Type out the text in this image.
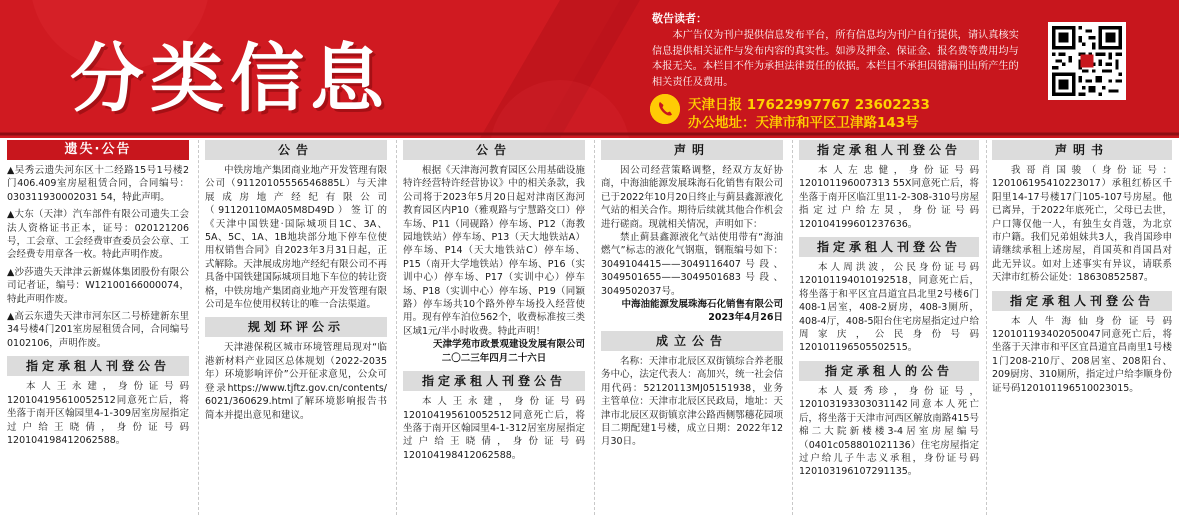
分类信息
敬告读者：
本广告仅为刊户提供信息发布平台，所有信息均为刊户自行提供，请认真核实信息提供相关证件与发布内容的真实性。如涉及押金、保证金、报名费等费用均与本报无关。本栏目不作为承担法律责任的依据。本栏目不承担因错漏刊出所产生的相关责任及费用。
天津日报 17622997767 23602233
办公地址：天津市和平区卫津路143号
遗失·公告
▲吴秀云遗失河东区十二经路15号1号楼2门406.409室房屋租赁合同，合同编号：030311930002031 54，特此声明。
▲大东（天津）汽车部件有限公司遗失工会法人资格证书正本，证号：020121206号，工会章、工会经费审查委员会公章、工会经费专用章各一枚。特此声明作废。
▲沙莎遗失天津津云新媒体集团股份有限公司记者证，编号：W12100166000074，特此声明作废。
▲高云东遗失天津市河东区二号桥建新东里34号楼4门201室房屋租赁合同，合同编号0102106，声明作废。
指定承租人刊登公告
本人王永建，身份证号码120104195610052512同意死亡后，将坐落于南开区翰园里4-1-309居室房屋指定过户给王晓倩，身份证号码120104198412062588。
公告
中铁房地产集团商业地产开发管理有限公司（91120105556546885L）与天津展成房地产经纪有限公司（91120110MA05M8D49D）签订的《天津中国铁建·国际城项目1C、3A、5A、5C、1A、1B地块部分地下停车位使用权销售合同》自2023年3月31日起，正式解除。天津展成房地产经纪有限公司不再具备中国铁建国际城项目地下车位的转让资格，中铁房地产集团商业地产开发管理有限公司是车位使用权转让的唯一合法渠道。
规划环评公示
天津港保税区城市环境管理局现对“临港新材料产业园区总体规划（2022-2035年）环境影响评价”公开征求意见，公众可登录https://www.tjftz.gov.cn/contents/6021/360629.html了解环境影响报告书简本并提出意见和建议。
公告
根据《天津海河教育园区公用基础设施特许经营特许经营协议》中的相关条款，我公司将于2023年5月20日起对津南区海河教育园区内P10（雅观路与宁慧路交口）停车场、P11（同砚路）停车场、P12（海教园地铁站）停车场、P13（天大地铁站A）停车场、P14（天大地铁站C）停车场、P15（南开大学地铁站）停车场、P16（实训中心）停车场、P17（实训中心）停车场、P18（实训中心）停车场、P19（同颖路）停车场共10个路外停车场投入经营使用。现有停车泊位562个，收费标准按三类区域1元/半小时收费。特此声明！
天津学苑市政景观建设发展有限公司
二〇二三年四月二十六日
指定承租人刊登公告
本人王永建，身份证号码120104195610052512同意死亡后，将坐落于南开区翰园里4-1-312居室房屋指定过户给王晓倩，身份证号码120104198412062588。
声明
因公司经营策略调整，经双方友好协商，中海油能源发展珠海石化销售有限公司已于2022年10月20日终止与蓟县鑫源液化气站的相关合作。期待后续就其他合作机会进行磋商。现就相关情况，声明如下：
禁止蓟县鑫源液化气站使用带有“海油燃气”标志的液化气钢瓶，钢瓶编号如下：3049104415——3049116407号段、3049501655——3049501683号段、3049502037号。
中海油能源发展珠海石化销售有限公司
2023年4月26日
成立公告
名称：天津市北辰区双街镇综合养老服务中心，法定代表人：高加兴，统一社会信用代码：52120113MJ05151938，业务主管单位：天津市北辰区民政局，地址：天津市北辰区双街镇京津公路西侧鄂穗花园项目二期配建1号楼，成立日期：2022年12月30日。
指定承租人刊登公告
本人左忠健，身份证号码120101196007313 55X同意死亡后，将坐落于南开区临江里11-2-308-310号房屋指定过户给左炅，身份证号码120104199601237636。
指定承租人刊登公告
本人周洪波，公民身份证号码120101194010192518，同意死亡后，将坐落于和平区宜昌道宜昌北里2号楼6门408-1居室，408-2厨房，408-3厕所，408-4厅，408-5阳台住宅房屋指定过户给周家庆，公民身份号码120101196505502515。
指定承租人的公告
本人聂秀珍，身份证号，120103193303031142同意本人死亡后，将坐落于天津市河西区解放南路415号棉二大院新楼楼3-4居室房屋编号（0401c058801021136）住宅房屋指定过户给儿子牛志义承租，身份证号码120103196107291135。
声明书
我哥肖国骏（身份证号：120106195410223017）承租红桥区千阳里14-17号楼17门105-107号房屋。他已离异，于2022年底死亡，父母已去世，户口簿仅他一人，有独生女肖蔻，为北京市户籍。我们兄弟姐妹共3人，我肖国珍申请继续承租上述房屋，肖国英和肖国昌对此无异议。如对上述事实有异议，请联系天津市红桥公证处：18630852587。
指定承租人刊登公告
本人牛海仙身份证号码120101193402050047同意死亡后，将坐落于天津市和平区宜昌道宜昌南里1号楼1门208-210厅、208居室、208阳台、209厨房、310厕所，指定过户给李顺身份证号码120101196510023015。
